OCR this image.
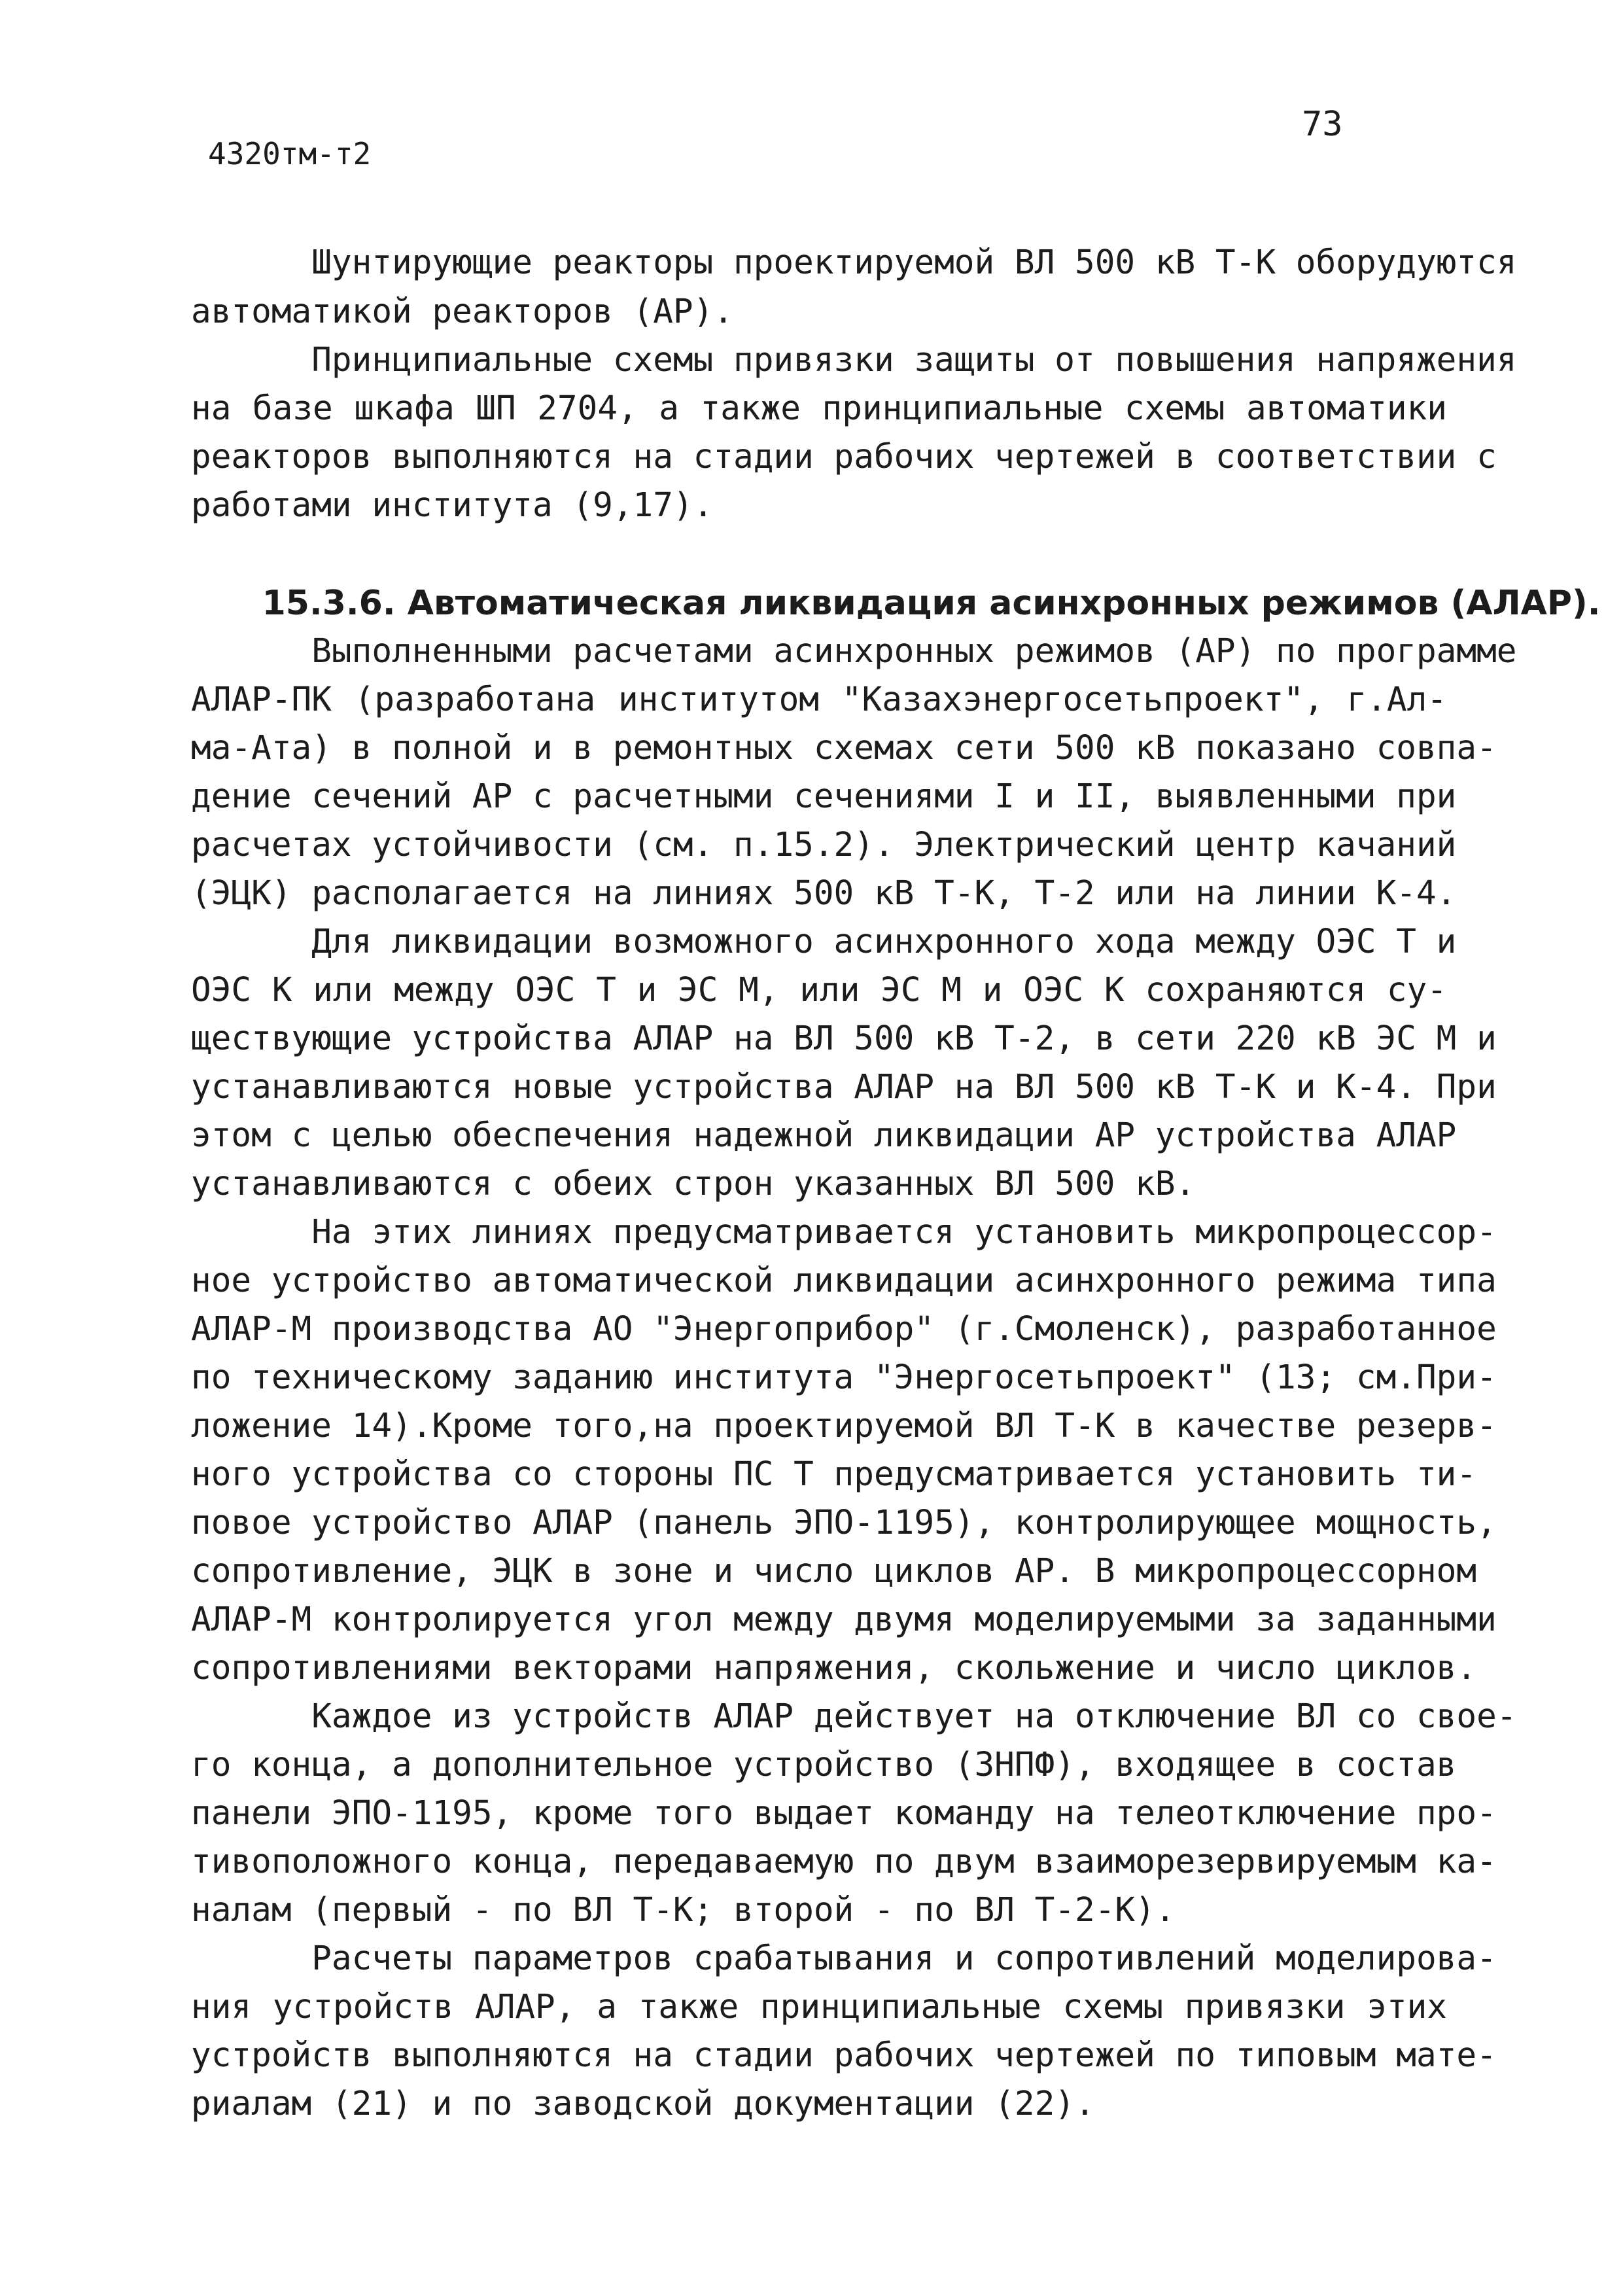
4320тм-т2
73
Шунтирующие реакторы проектируемой ВЛ 500 кВ Т-К оборудуются
автоматикой реакторов (АР).
Принципиальные схемы привязки защиты от повышения напряжения
на базе шкафа ШП 2704, а также принципиальные схемы автоматики
реакторов выполняются на стадии рабочих чертежей в соответствии с
работами института (9,17).
15.3.6. Автоматическая ликвидация асинхронных режимов (АЛАР).
Выполненными расчетами асинхронных режимов (АР) по программе
АЛАР-ПК (разработана институтом "Казахэнергосетьпроект", г.Ал-
ма-Ата) в полной и в ремонтных схемах сети 500 кВ показано совпа-
дение сечений АР с расчетными сечениями I и II, выявленными при
расчетах устойчивости (см. п.15.2). Электрический центр качаний
(ЭЦК) располагается на линиях 500 кВ Т-К, Т-2 или на линии К-4.
Для ликвидации возможного асинхронного хода между ОЭС Т и
ОЭС К или между ОЭС Т и ЭС М, или ЭС М и ОЭС К сохраняются су-
ществующие устройства АЛАР на ВЛ 500 кВ Т-2, в сети 220 кВ ЭС М и
устанавливаются новые устройства АЛАР на ВЛ 500 кВ Т-К и К-4. При
этом с целью обеспечения надежной ликвидации АР устройства АЛАР
устанавливаются с обеих строн указанных ВЛ 500 кВ.
На этих линиях предусматривается установить микропроцессор-
ное устройство автоматической ликвидации асинхронного режима типа
АЛАР-М производства АО "Энергоприбор" (г.Смоленск), разработанное
по техническому заданию института "Энергосетьпроект" (13; см.При-
ложение 14).Кроме того,на проектируемой ВЛ Т-К в качестве резерв-
ного устройства со стороны ПС Т предусматривается установить ти-
повое устройство АЛАР (панель ЭПО-1195), контролирующее мощность,
сопротивление, ЭЦК в зоне и число циклов АР. В микропроцессорном
АЛАР-М контролируется угол между двумя моделируемыми за заданными
сопротивлениями векторами напряжения, скольжение и число циклов.
Каждое из устройств АЛАР действует на отключение ВЛ со свое-
го конца, а дополнительное устройство (ЗНПФ), входящее в состав
панели ЭПО-1195, кроме того выдает команду на телеотключение про-
тивоположного конца, передаваемую по двум взаиморезервируемым ка-
налам (первый - по ВЛ Т-К; второй - по ВЛ Т-2-К).
Расчеты параметров срабатывания и сопротивлений моделирова-
ния устройств АЛАР, а также принципиальные схемы привязки этих
устройств выполняются на стадии рабочих чертежей по типовым мате-
риалам (21) и по заводской документации (22).
